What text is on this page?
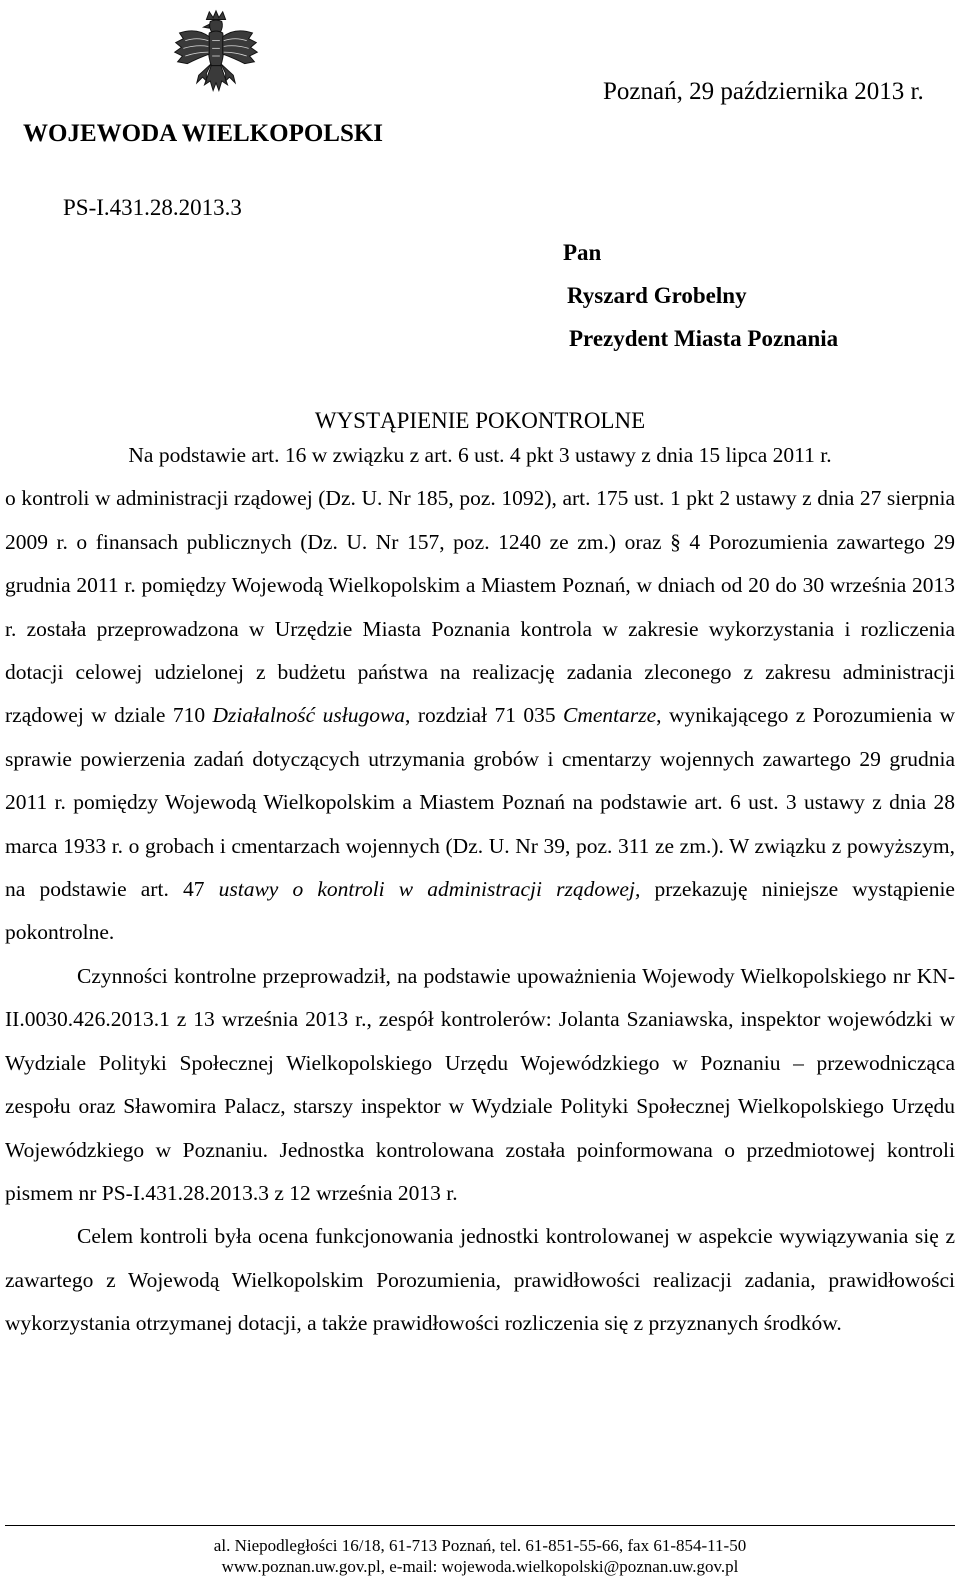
Poznań, 29 października 2013 r.
WOJEWODA WIELKOPOLSKI
PS-I.431.28.2013.3
Pan
Ryszard Grobelny
Prezydent Miasta Poznania
WYSTĄPIENIE POKONTROLNE

Na podstawie art. 16 w związku z art. 6 ust. 4 pkt 3 ustawy z dnia 15 lipca 2011 r.

o kontroli w administracji rządowej (Dz. U. Nr 185, poz. 1092), art. 175 ust. 1 pkt 2 ustawy z dnia 27 sierpnia 2009 r. o finansach publicznych (Dz. U. Nr 157, poz. 1240 ze zm.) oraz § 4 Porozumienia zawartego 29 grudnia 2011 r. pomiędzy Wojewodą Wielkopolskim a Miastem Poznań, w dniach od 20 do 30 września 2013 r. została przeprowadzona w Urzędzie Miasta Poznania kontrola w zakresie wykorzystania i rozliczenia dotacji celowej udzielonej z budżetu państwa na realizację zadania zleconego z zakresu administracji rządowej w dziale 710 Działalność usługowa, rozdział 71 035 Cmentarze, wynikającego z Porozumienia w sprawie powierzenia zadań dotyczących utrzymania grobów i cmentarzy wojennych zawartego 29 grudnia 2011 r. pomiędzy Wojewodą Wielkopolskim a Miastem Poznań na podstawie art. 6 ust. 3 ustawy z dnia 28 marca 1933 r. o grobach i cmentarzach wojennych (Dz. U. Nr 39, poz. 311 ze zm.). W związku z powyższym, na podstawie art. 47 ustawy o kontroli w administracji rządowej, przekazuję niniejsze wystąpienie pokontrolne.

Czynności kontrolne przeprowadził, na podstawie upoważnienia Wojewody Wielkopolskiego nr KN-II.0030.426.2013.1 z 13 września 2013 r., zespół kontrolerów: Jolanta Szaniawska, inspektor wojewódzki w Wydziale Polityki Społecznej Wielkopolskiego Urzędu Wojewódzkiego w Poznaniu – przewodnicząca zespołu oraz Sławomira Palacz, starszy inspektor w Wydziale Polityki Społecznej Wielkopolskiego Urzędu Wojewódzkiego w Poznaniu. Jednostka kontrolowana została poinformowana o przedmiotowej kontroli pismem nr PS-I.431.28.2013.3 z 12 września 2013 r.

Celem kontroli była ocena funkcjonowania jednostki kontrolowanej w aspekcie wywiązywania się z zawartego z Wojewodą Wielkopolskim Porozumienia, prawidłowości realizacji zadania, prawidłowości wykorzystania otrzymanej dotacji, a także prawidłowości rozliczenia się z przyznanych środków.

al. Niepodległości 16/18, 61-713 Poznań, tel. 61-851-55-66, fax 61-854-11-50
www.poznan.uw.gov.pl, e-mail: wojewoda.wielkopolski@poznan.uw.gov.pl
